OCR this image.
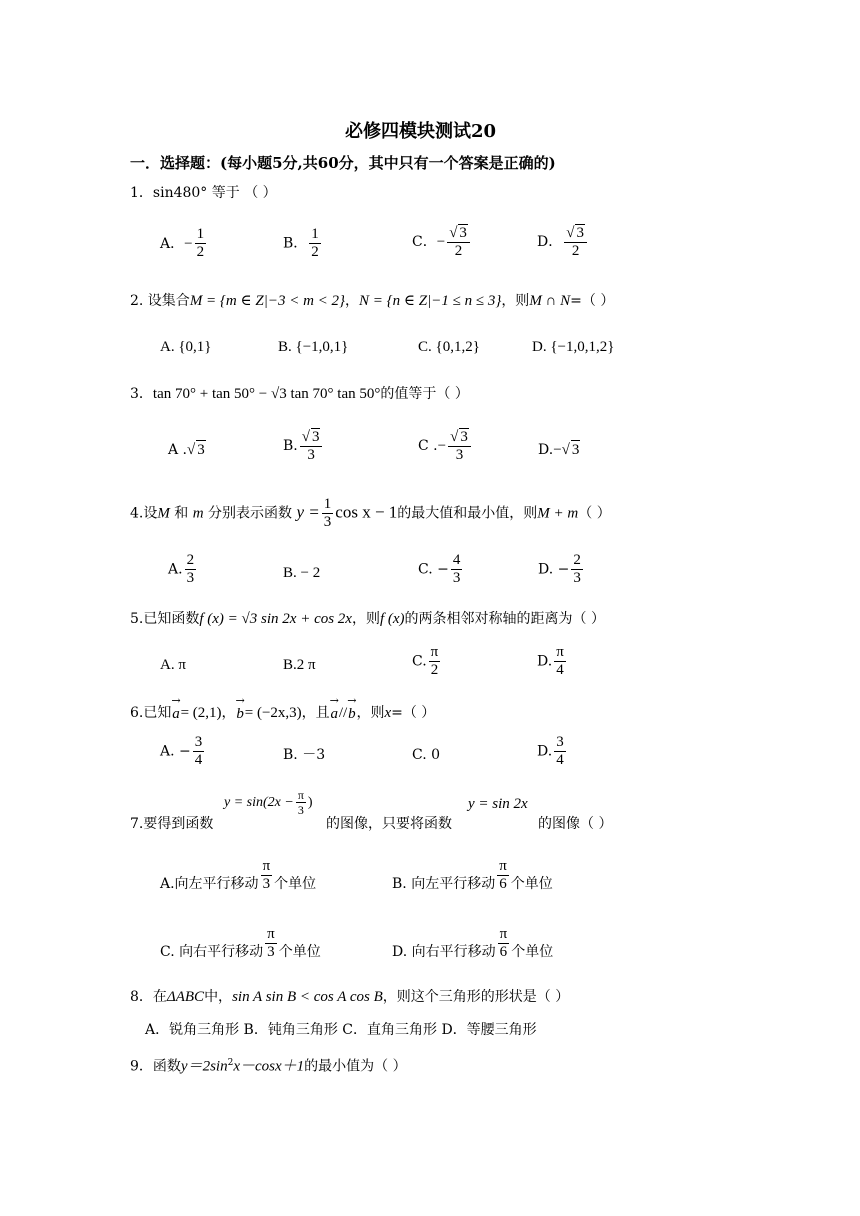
必修四模块测试20
一．选择题：(每小题5分,共60分，其中只有一个答案是正确的)
1．sin480° 等于 （ ）
A．− $\frac{1}{2}$	B． $\frac{1}{2}$	C．− $\frac{√ 3}{2}$	D． $\frac{√ 3}{2}$
2. 设集合M = {m ∈ Z|−3 < m < 2}，N = {n ∈ Z|−1 ≤ n ≤ 3}，则M ∩ N=（ ）
A. {0,1}	B. {−1,0,1}	C. {0,1,2}	D. {−1,0,1,2}
3．tan 70° + tan 50° − √3 tan 70° tan 50°的值等于（ ）
A .√ 3	B. $\frac{√ 3}{3}$	C .− $\frac{√ 3}{3}$	D.−√ 3
4.设M 和 m 分别表示函数 $y = \frac{1}{3}$ cos x − 1的最大值和最小值，则M + m（ ）
A. $\frac{2}{3}$	B. − 2	C. − $\frac{4}{3}$	D. − $\frac{2}{3}$
5.已知函数f (x) = √3 sin 2x + cos 2x，则f (x)的两条相邻对称轴的距离为（ ）
A. π	B.2 π	C. $\frac{\pi}{2}$	D. $\frac{\pi}{4}$
6.已知
→
a = (2,1)，
→
b = (−2x,3)，且
→
a //
→
b ，则x=（ ）
A. − $\frac{3}{4}$	B. －3	C. 0	D. $\frac{3}{4}$
7.要得到函数
$y = \sin(2x - \frac{\pi}{3}$ )
的图像，只要将函数
y = sin 2x
的图像（ ）
A.向左平行移动 $\frac{\pi}{3}$ 个单位	B. 向左平行移动 $\frac{\pi}{6}$ 个单位
C. 向右平行移动 $\frac{\pi}{3}$ 个单位	D. 向右平行移动 $\frac{\pi}{6}$ 个单位
8．在ΔABC中，sin A sin B < cos A cos B，则这个三角形的形状是（ ）
A．锐角三角形 B．钝角三角形 C．直角三角形 D．等腰三角形
9．函数$y=2\sin^2x-\cos x+1$的最小值为（ ）
